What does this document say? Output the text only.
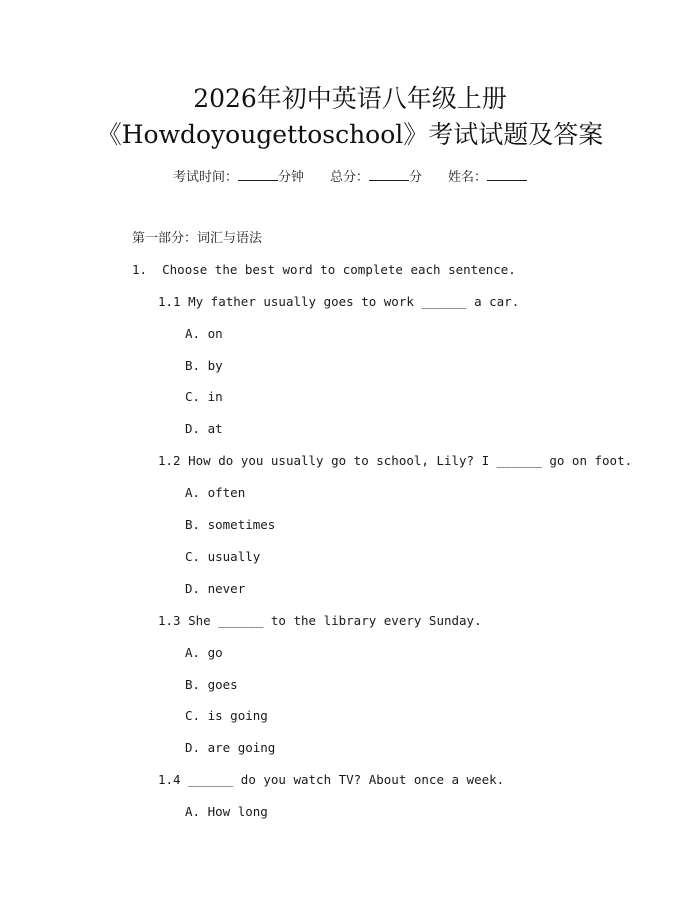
2026年初中英语八年级上册
《Howdoyougettoschool》考试试题及答案
考试时间：	分钟 总分：	分 姓名：
第一部分：词汇与语法
1. Choose the best word to complete each sentence.
1.1 My father usually goes to work ______ a car.
A. on
B. by
C. in
D. at
1.2 How do you usually go to school, Lily? I ______ go on foot.
A. often
B. sometimes
C. usually
D. never
1.3 She ______ to the library every Sunday.
A. go
B. goes
C. is going
D. are going
1.4 ______ do you watch TV? About once a week.
A. How long
